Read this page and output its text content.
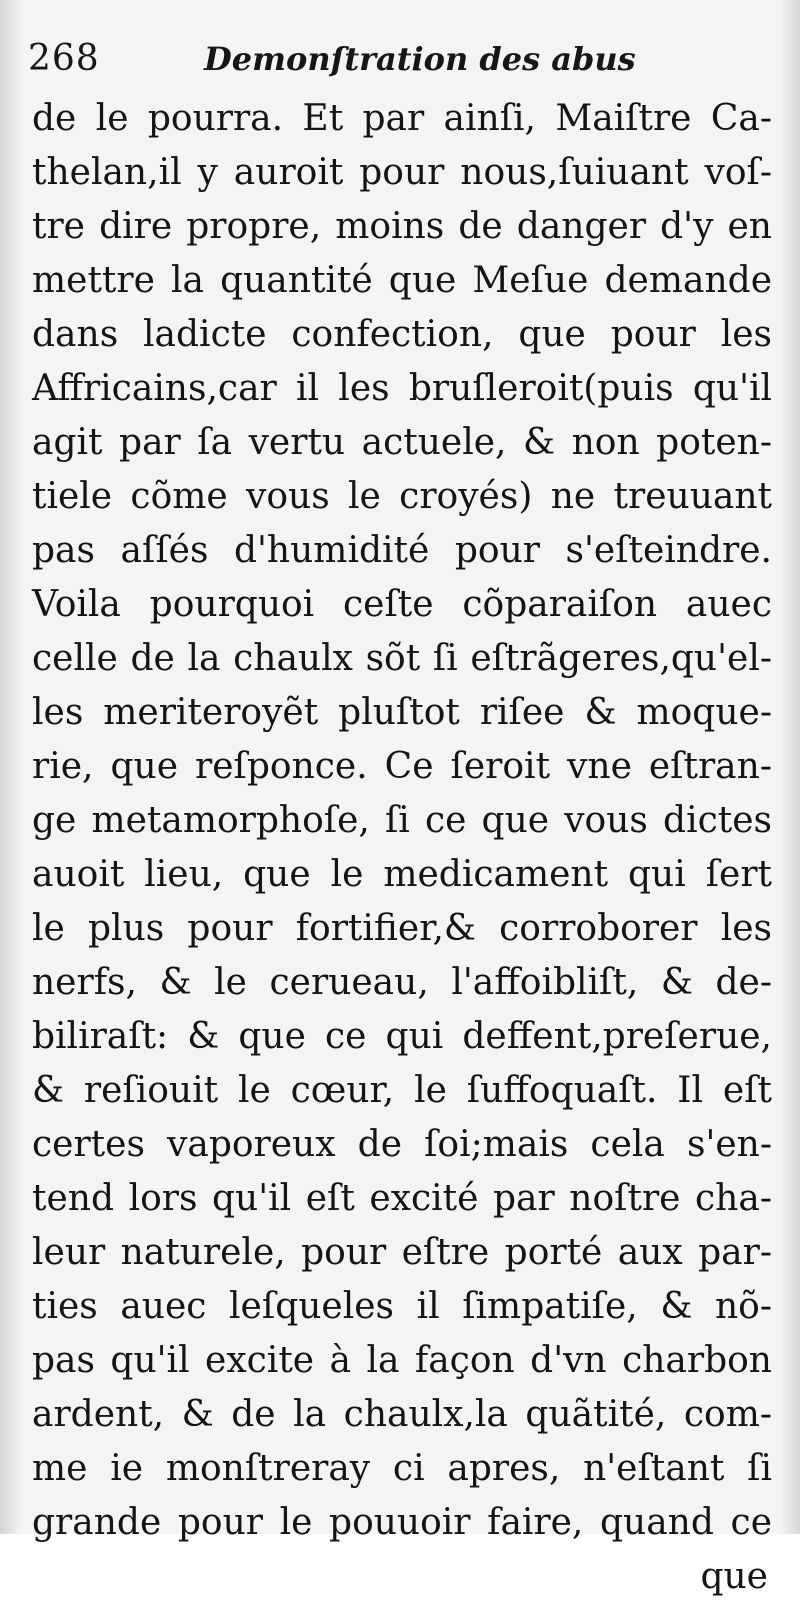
268	Demonſtration des abus
de le pourra. Et par ainſi, Maiſtre Ca-
thelan,il y auroit pour nous,ſuiuant voſ-
tre dire propre, moins de danger d'y en
mettre la quantité que Meſue demande
dans ladicte confection, que pour les
Affricains,car il les bruſleroit(puis qu'il
agit par ſa vertu actuele, & non poten-
tiele cõme vous le croyés) ne treuuant
pas aſſés d'humidité pour s'eſteindre.
Voila pourquoi ceſte cõparaiſon auec
celle de la chaulx sõt ſi eſtrãgeres,qu'el-
les meriteroyẽt pluſtot riſee & moque-
rie, que reſponce. Ce ſeroit vne eſtran-
ge metamorphoſe, ſi ce que vous dictes
auoit lieu, que le medicament qui ſert
le plus pour fortifier,& corroborer les
nerfs, & le cerueau, l'affoibliſt, & de-
biliraſt: & que ce qui deffent,preſerue,
& reſiouit le cœur, le ſuffoquaſt. Il eſt
certes vaporeux de ſoi;mais cela s'en-
tend lors qu'il eſt excité par noſtre cha-
leur naturele, pour eſtre porté aux par-
ties auec leſqueles il ſimpatiſe, & nõ-
pas qu'il excite à la façon d'vn charbon
ardent, & de la chaulx,la quãtité, com-
me ie monſtreray ci apres, n'eſtant ſi
grande pour le pouuoir faire, quand ce
que
